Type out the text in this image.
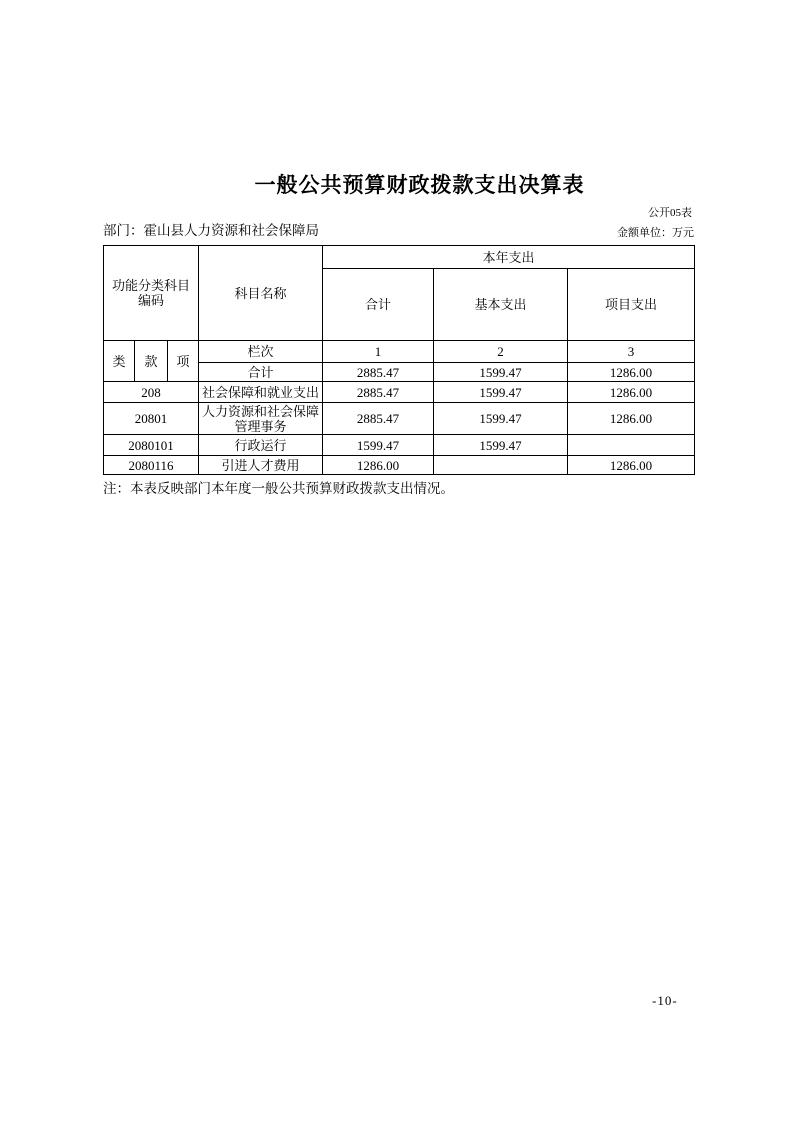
一般公共预算财政拨款支出决算表
公开05表
部门：霍山县人力资源和社会保障局	金额单位：万元
功能分类科目编码			科目名称	本年支出		
				合计	基本支出	项目支出
类	款	项	栏次	1	2	3
			合计	2885.47	1599.47	1286.00
208			社会保障和就业支出	2885.47	1599.47	1286.00
20801			人力资源和社会保障管理事务	2885.47	1599.47	1286.00
2080101			行政运行	1599.47	1599.47	
2080116			引进人才费用	1286.00		1286.00
注：本表反映部门本年度一般公共预算财政拨款支出情况。
-10-
